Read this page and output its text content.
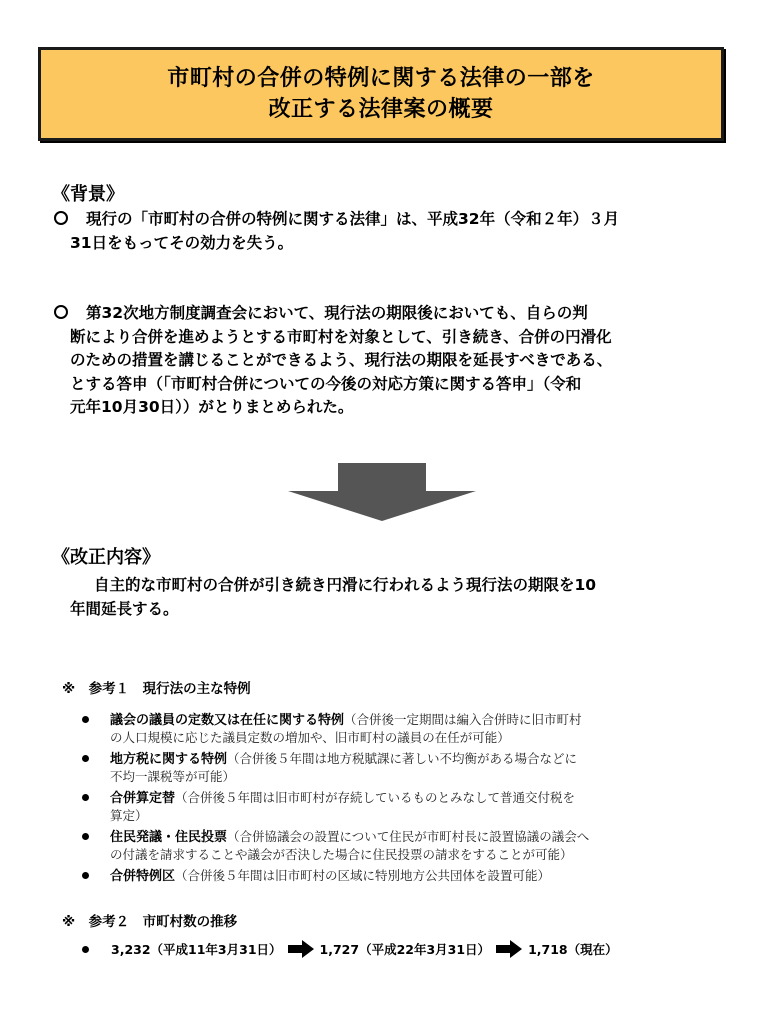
市町村の合併の特例に関する法律の一部を
改正する法律案の概要
《背景》
現行の「市町村の合併の特例に関する法律」は、平成32年（令和２年）３月
31日をもってその効力を失う。
第32次地方制度調査会において、現行法の期限後においても、自らの判
断により合併を進めようとする市町村を対象として、引き続き、合併の円滑化
のための措置を講じることができるよう、現行法の期限を延長すべきである、
とする答申（「市町村合併についての今後の対応方策に関する答申」（令和
元年10月30日））がとりまとめられた。
《改正内容》
自主的な市町村の合併が引き続き円滑に行われるよう現行法の期限を10
年間延長する。
※　参考１　現行法の主な特例
議会の議員の定数又は在任に関する特例（合併後一定期間は編入合併時に旧市町村
の人口規模に応じた議員定数の増加や、旧市町村の議員の在任が可能）
地方税に関する特例（合併後５年間は地方税賦課に著しい不均衡がある場合などに
不均一課税等が可能）
合併算定替（合併後５年間は旧市町村が存続しているものとみなして普通交付税を
算定）
住民発議・住民投票（合併協議会の設置について住民が市町村長に設置協議の議会へ
の付議を請求することや議会が否決した場合に住民投票の請求をすることが可能）
合併特例区（合併後５年間は旧市町村の区域に特別地方公共団体を設置可能）
※　参考２　市町村数の推移
3,232（平成11年3月31日）	1,727（平成22年3月31日）	1,718（現在）
